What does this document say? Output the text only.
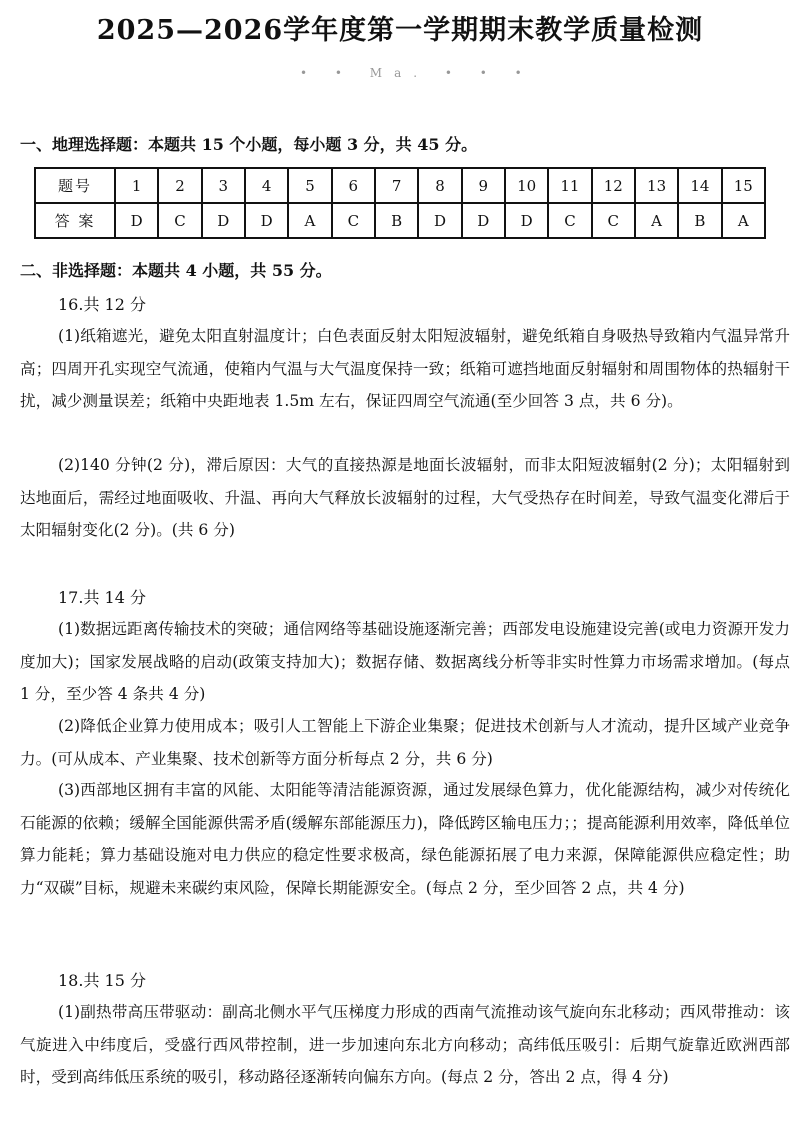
2025—2026学年度第一学期期末教学质量检测
• • Ma. • • •
一、地理选择题：本题共 15 个小题，每小题 3 分，共 45 分。
题号	1	2	3	4	5	6	7	8	9	10	11	12	13	14	15
答 案	D	C	D	D	A	C	B	D	D	D	C	C	A	B	A
二、非选择题：本题共 4 小题，共 55 分。
16.共 12 分

(1)纸箱遮光，避免太阳直射温度计；白色表面反射太阳短波辐射，避免纸箱自身吸热导致箱内气温异常升高；四周开孔实现空气流通，使箱内气温与大气温度保持一致；纸箱可遮挡地面反射辐射和周围物体的热辐射干扰，减少测量误差；纸箱中央距地表 1.5m 左右，保证四周空气流通(至少回答 3 点，共 6 分)。

(2)140 分钟(2 分)，滞后原因：大气的直接热源是地面长波辐射，而非太阳短波辐射(2 分)；太阳辐射到达地面后，需经过地面吸收、升温、再向大气释放长波辐射的过程，大气受热存在时间差，导致气温变化滞后于太阳辐射变化(2 分)。(共 6 分)

17.共 14 分

(1)数据远距离传输技术的突破；通信网络等基础设施逐渐完善；西部发电设施建设完善(或电力资源开发力度加大)；国家发展战略的启动(政策支持加大)；数据存储、数据离线分析等非实时性算力市场需求增加。(每点 1 分，至少答 4 条共 4 分)

(2)降低企业算力使用成本；吸引人工智能上下游企业集聚；促进技术创新与人才流动，提升区域产业竞争力。(可从成本、产业集聚、技术创新等方面分析每点 2 分，共 6 分)

(3)西部地区拥有丰富的风能、太阳能等清洁能源资源，通过发展绿色算力，优化能源结构，减少对传统化石能源的依赖；缓解全国能源供需矛盾(缓解东部能源压力)，降低跨区输电压力；；提高能源利用效率，降低单位算力能耗；算力基础设施对电力供应的稳定性要求极高，绿色能源拓展了电力来源，保障能源供应稳定性；助力“双碳”目标，规避未来碳约束风险，保障长期能源安全。(每点 2 分，至少回答 2 点，共 4 分)

18.共 15 分

(1)副热带高压带驱动：副高北侧水平气压梯度力形成的西南气流推动该气旋向东北移动；西风带推动：该气旋进入中纬度后，受盛行西风带控制，进一步加速向东北方向移动；高纬低压吸引：后期气旋靠近欧洲西部时，受到高纬低压系统的吸引，移动路径逐渐转向偏东方向。(每点 2 分，答出 2 点，得 4 分)
